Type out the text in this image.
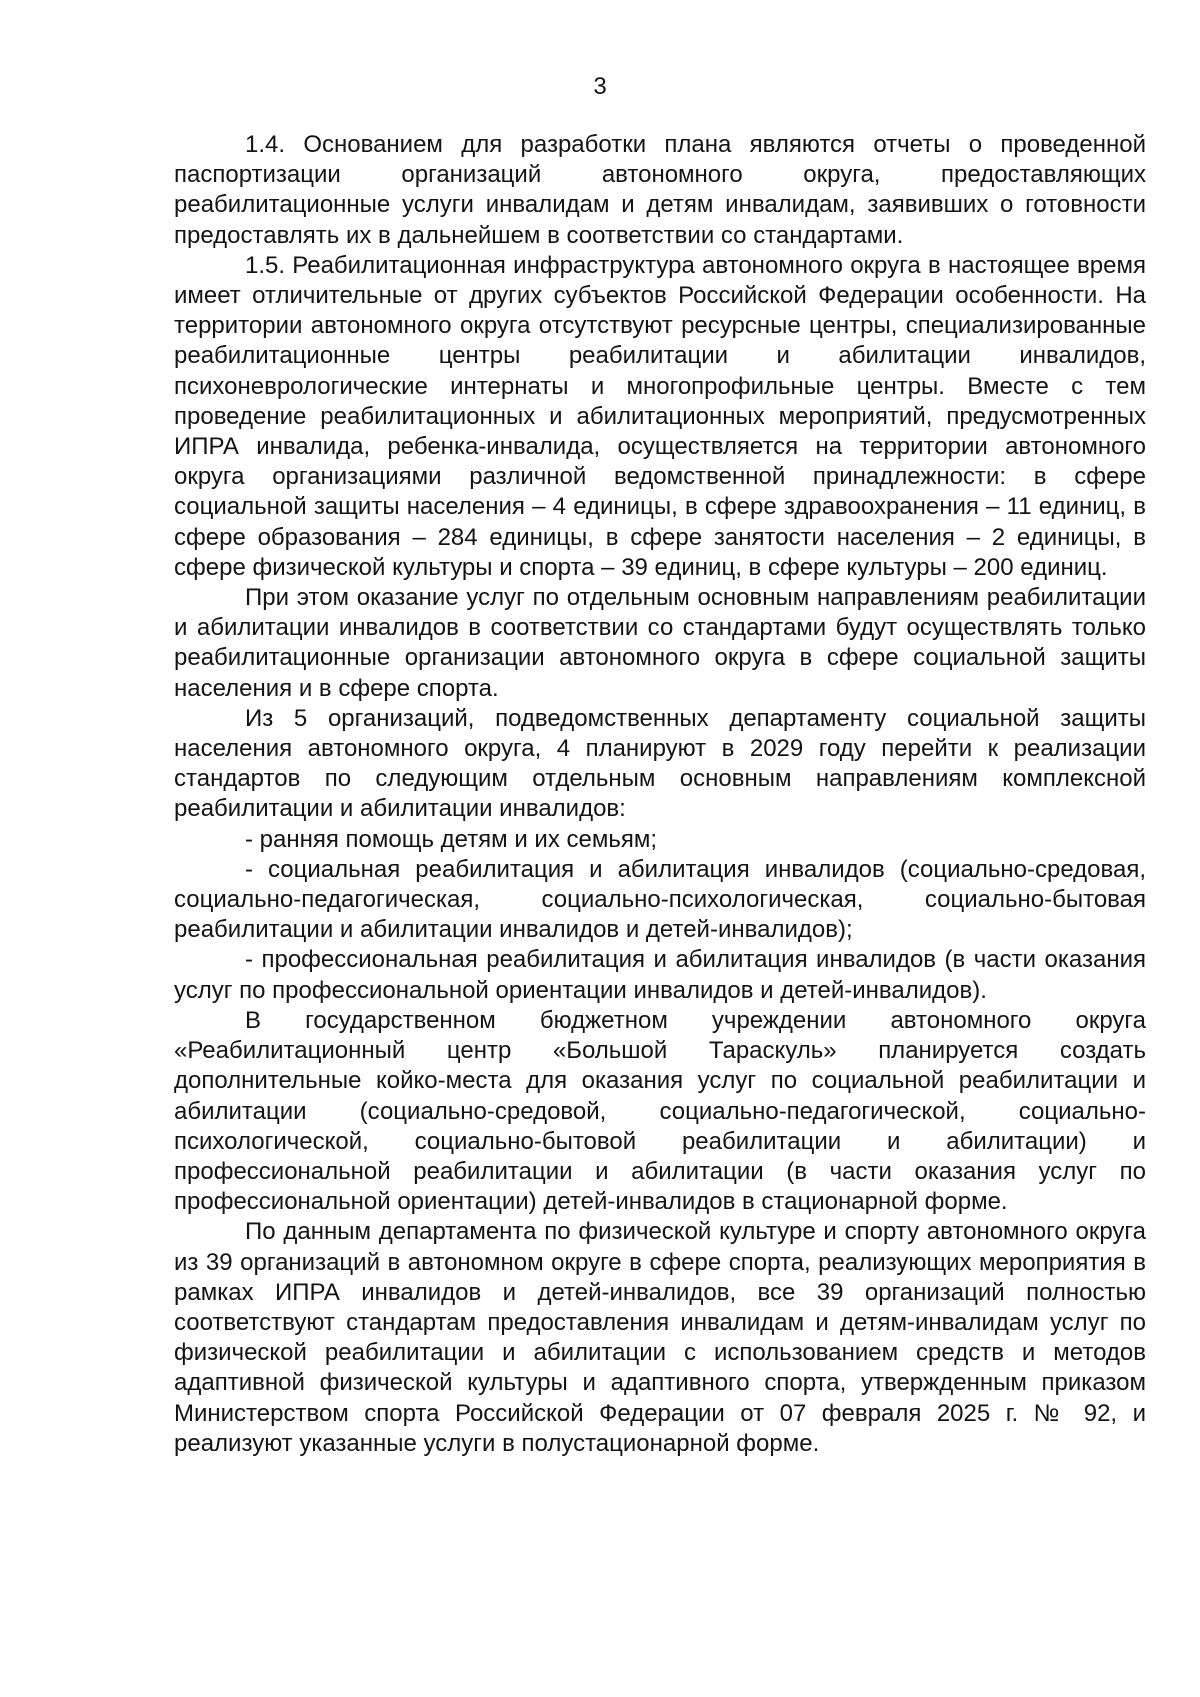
3

1.4. Основанием для разработки плана являются отчеты о проведенной паспортизации организаций автономного округа, предоставляющих реабилитационные услуги инвалидам и детям инвалидам, заявивших о готовности предоставлять их в дальнейшем в соответствии со стандартами.

1.5. Реабилитационная инфраструктура автономного округа в настоящее время имеет отличительные от других субъектов Российской Федерации особенности. На территории автономного округа отсутствуют ресурсные центры, специализированные реабилитационные центры реабилитации и абилитации инвалидов, психоневрологические интернаты и многопрофильные центры. Вместе с тем проведение реабилитационных и абилитационных мероприятий, предусмотренных ИПРА инвалида, ребенка-инвалида, осуществляется на территории автономного округа организациями различной ведомственной принадлежности: в сфере социальной защиты населения – 4 единицы, в сфере здравоохранения – 11 единиц, в сфере образования – 284 единицы, в сфере занятости населения – 2 единицы, в сфере физической культуры и спорта – 39 единиц, в сфере культуры – 200 единиц.

При этом оказание услуг по отдельным основным направлениям реабилитации и абилитации инвалидов в соответствии со стандартами будут осуществлять только реабилитационные организации автономного округа в сфере социальной защиты населения и в сфере спорта.

Из 5 организаций, подведомственных департаменту социальной защиты населения автономного округа, 4 планируют в 2029 году перейти к реализации стандартов по следующим отдельным основным направлениям комплексной реабилитации и абилитации инвалидов:

- ранняя помощь детям и их семьям;

- социальная реабилитация и абилитация инвалидов (социально-средовая, социально-педагогическая, социально-психологическая, социально-бытовая реабилитации и абилитации инвалидов и детей-инвалидов);

- профессиональная реабилитация и абилитация инвалидов (в части оказания услуг по профессиональной ориентации инвалидов и детей-инвалидов).

В государственном бюджетном учреждении автономного округа «Реабилитационный центр «Большой Тараскуль» планируется создать дополнительные койко-места для оказания услуг по социальной реабилитации и абилитации (социально-средовой, социально-педагогической, социально-психологической, социально-бытовой реабилитации и абилитации) и профессиональной реабилитации и абилитации (в части оказания услуг по профессиональной ориентации) детей-инвалидов в стационарной форме.

По данным департамента по физической культуре и спорту автономного округа из 39 организаций в автономном округе в сфере спорта, реализующих мероприятия в рамках ИПРА инвалидов и детей-инвалидов, все 39 организаций полностью соответствуют стандартам предоставления инвалидам и детям-инвалидам услуг по физической реабилитации и абилитации с использованием средств и методов адаптивной физической культуры и адаптивного спорта, утвержденным приказом Министерством спорта Российской Федерации от 07 февраля 2025 г. № 92, и реализуют указанные услуги в полустационарной форме.
